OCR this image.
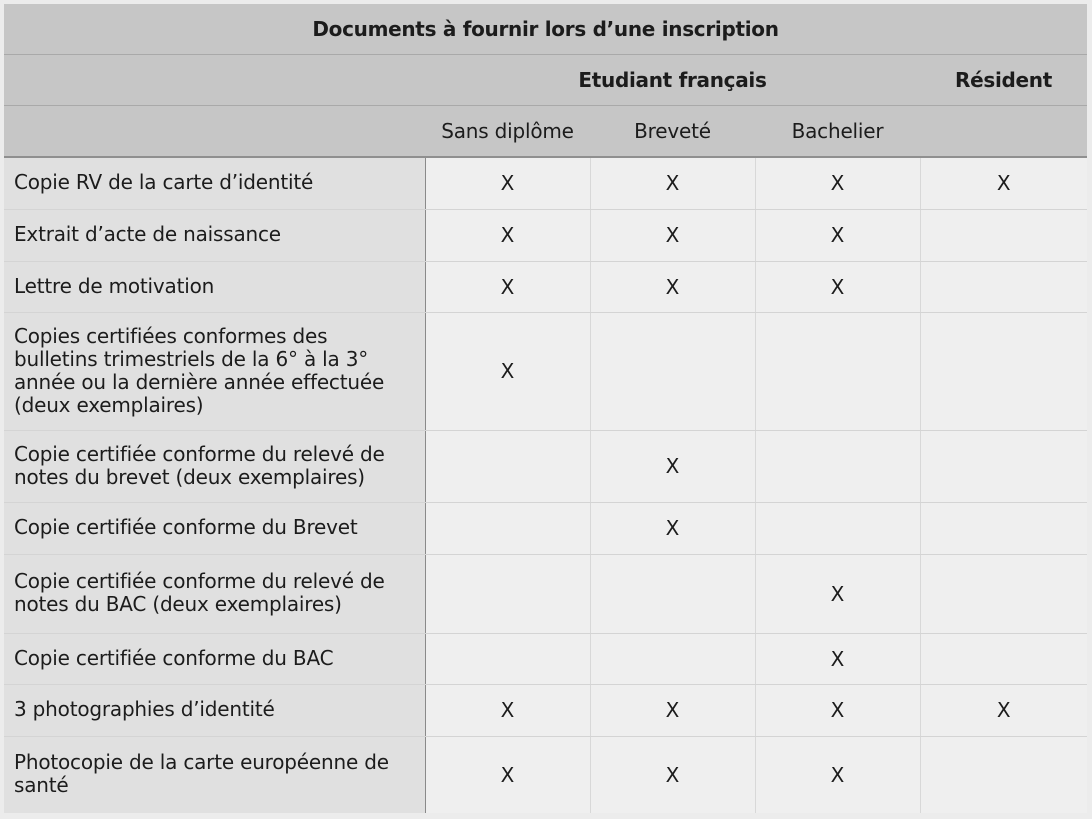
Documents à fournir lors d’une inscription				
	Etudiant français			Résident
	Sans diplôme	Breveté	Bachelier	
Copie RV de la carte d’identité	X	X	X	X
Extrait d’acte de naissance	X	X	X	
Lettre de motivation	X	X	X	
Copies certifiées conformes des bulletins trimestriels de la 6° à la 3° année ou la dernière année effectuée (deux exemplaires)	X			
Copie certifiée conforme du relevé de notes du brevet (deux exemplaires)		X		
Copie certifiée conforme du Brevet		X		
Copie certifiée conforme du relevé de notes du BAC (deux exemplaires)			X	
Copie certifiée conforme du BAC			X	
3 photographies d’identité	X	X	X	X
Photocopie de la carte européenne de santé	X	X	X	
